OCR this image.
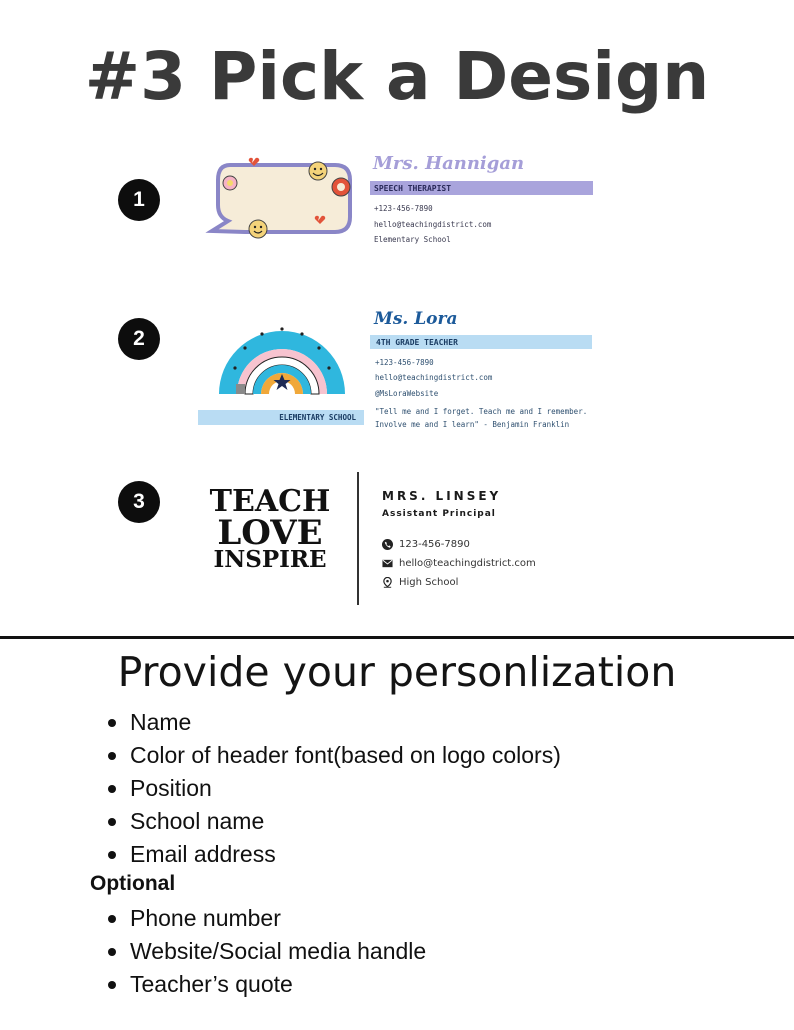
#3 Pick a Design
1
Mrs. Hannigan
SPEECH THERAPIST
+123-456-7890
hello@teachingdistrict.com
Elementary School
2
ELEMENTARY SCHOOL
Ms. Lora
4TH GRADE TEACHER
+123-456-7890
hello@teachingdistrict.com
@MsLoraWebsite
"Tell me and I forget. Teach me and I remember.
Involve me and I learn" - Benjamin Franklin
3	TEACH
LOVE
INSPIRE
MRS. LINSEY
Assistant Principal
123-456-7890
hello@teachingdistrict.com
High School
Provide your personlization
Name
Color of header font(based on logo colors)
Position
School name
Email address
Optional
Phone number
Website/Social media handle
Teacher’s quote
